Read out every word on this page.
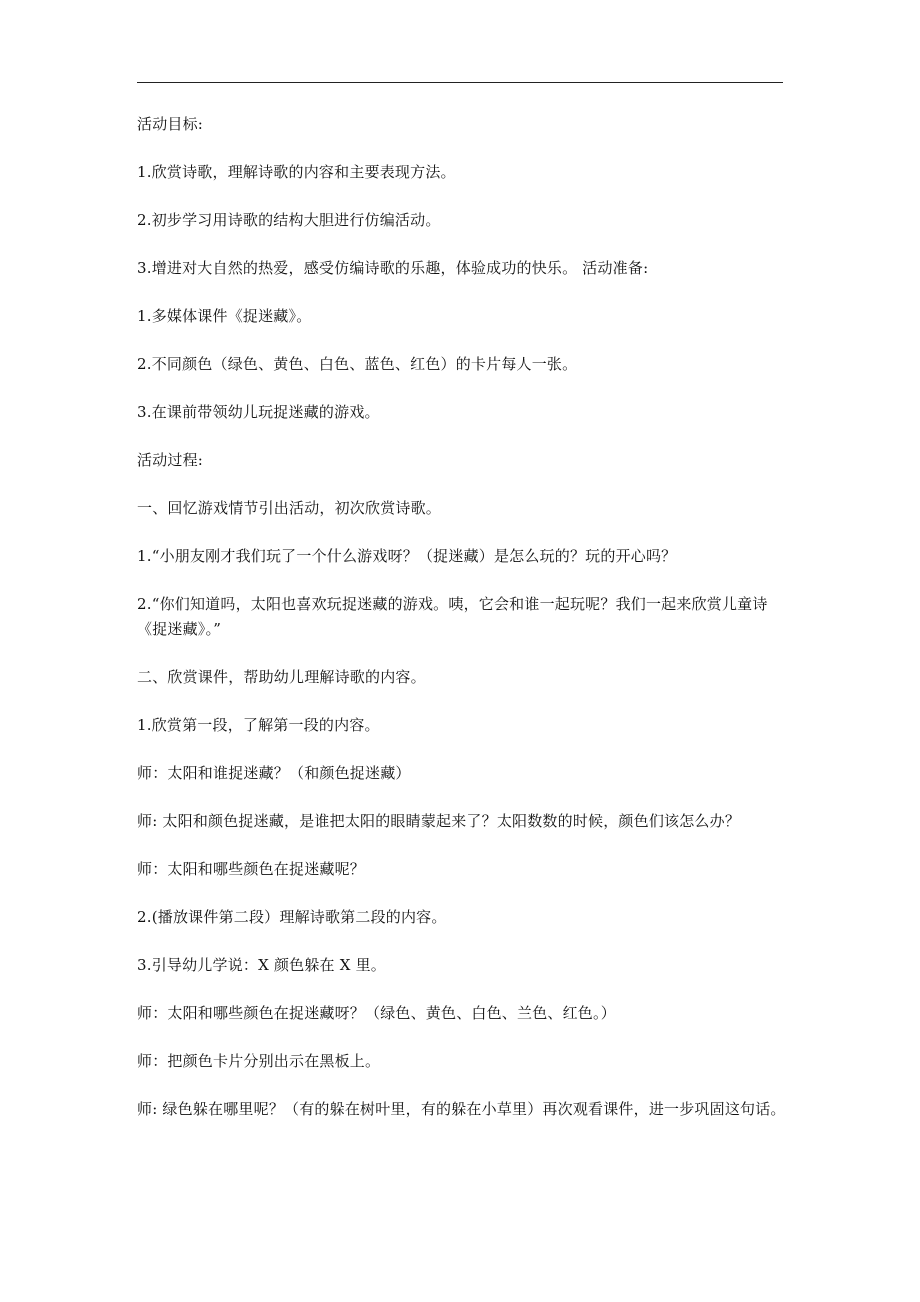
活动目标:

1.欣赏诗歌，理解诗歌的内容和主要表现方法。

2.初步学习用诗歌的结构大胆进行仿编活动。

3.增进对大自然的热爱，感受仿编诗歌的乐趣，体验成功的快乐。 活动准备:

1.多媒体课件《捉迷藏》。

2.不同颜色（绿色、黄色、白色、蓝色、红色）的卡片每人一张。

3.在课前带领幼儿玩捉迷藏的游戏。

活动过程:

一、回忆游戏情节引出活动，初次欣赏诗歌。

1.“小朋友刚才我们玩了一个什么游戏呀？（捉迷藏）是怎么玩的？玩的开心吗？

2.“你们知道吗，太阳也喜欢玩捉迷藏的游戏。咦，它会和谁一起玩呢？我们一起来欣赏儿童诗《捉迷藏》。”

二、欣赏课件，帮助幼儿理解诗歌的内容。

1.欣赏第一段，了解第一段的内容。

师：太阳和谁捉迷藏？（和颜色捉迷藏）

师: 太阳和颜色捉迷藏，是谁把太阳的眼睛蒙起来了？太阳数数的时候，颜色们该怎么办？

师：太阳和哪些颜色在捉迷藏呢？

2.(播放课件第二段）理解诗歌第二段的内容。

3.引导幼儿学说：X 颜色躲在 X 里。

师：太阳和哪些颜色在捉迷藏呀？（绿色、黄色、白色、兰色、红色。）

师：把颜色卡片分别出示在黑板上。

师: 绿色躲在哪里呢？（有的躲在树叶里，有的躲在小草里）再次观看课件，进一步巩固这句话。
